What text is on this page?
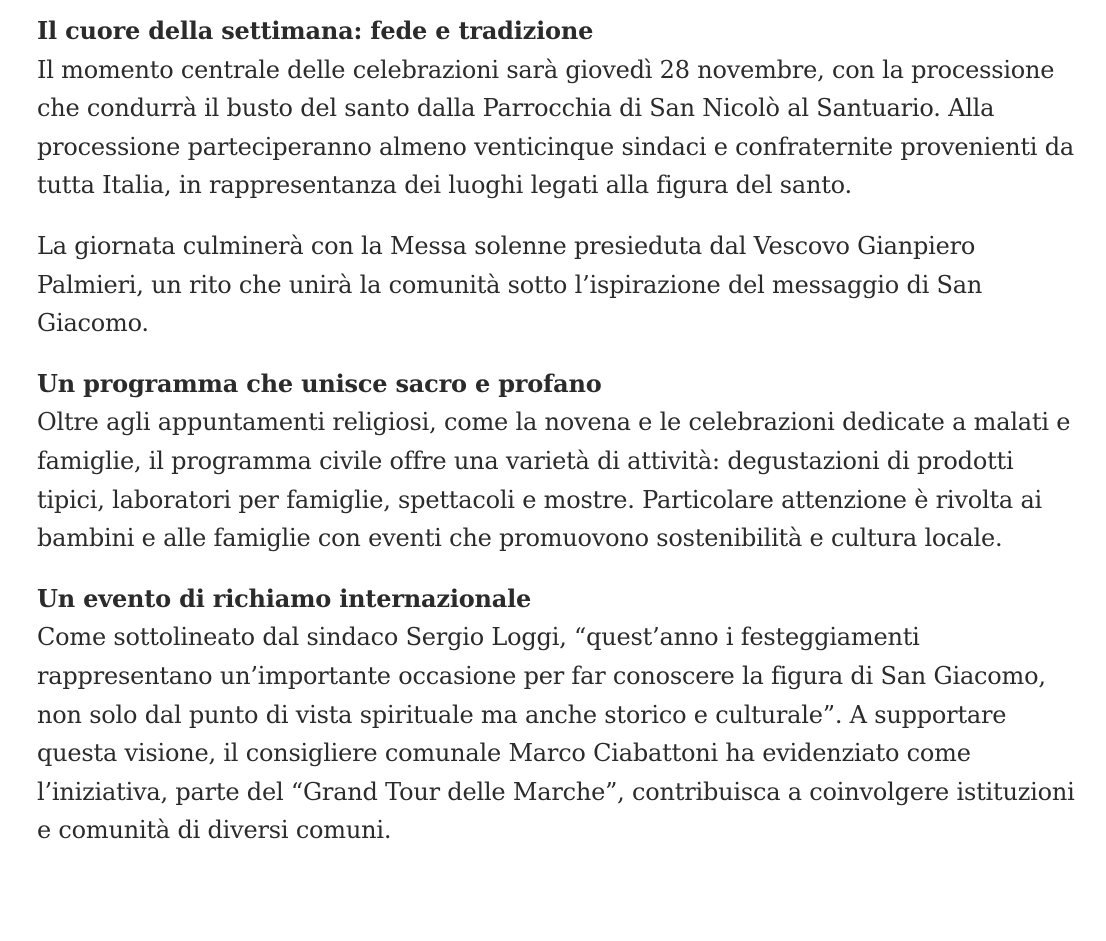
Il cuore della settimana: fede e tradizione

Il momento centrale delle celebrazioni sarà giovedì 28 novembre, con la processione che condurrà il busto del santo dalla Parrocchia di San Nicolò al Santuario. Alla processione parteciperanno almeno venticinque sindaci e confraternite provenienti da tutta Italia, in rappresentanza dei luoghi legati alla figura del santo.

La giornata culminerà con la Messa solenne presieduta dal Vescovo Gianpiero Palmieri, un rito che unirà la comunità sotto l’ispirazione del messaggio di San Giacomo.

Un programma che unisce sacro e profano

Oltre agli appuntamenti religiosi, come la novena e le celebrazioni dedicate a malati e famiglie, il programma civile offre una varietà di attività: degustazioni di prodotti tipici, laboratori per famiglie, spettacoli e mostre. Particolare attenzione è rivolta ai bambini e alle famiglie con eventi che promuovono sostenibilità e cultura locale.

Un evento di richiamo internazionale

Come sottolineato dal sindaco Sergio Loggi, “quest’anno i festeggiamenti rappresentano un’importante occasione per far conoscere la figura di San Giacomo, non solo dal punto di vista spirituale ma anche storico e culturale”. A supportare questa visione, il consigliere comunale Marco Ciabattoni ha evidenziato come l’iniziativa, parte del “Grand Tour delle Marche”, contribuisca a coinvolgere istituzioni e comunità di diversi comuni.
